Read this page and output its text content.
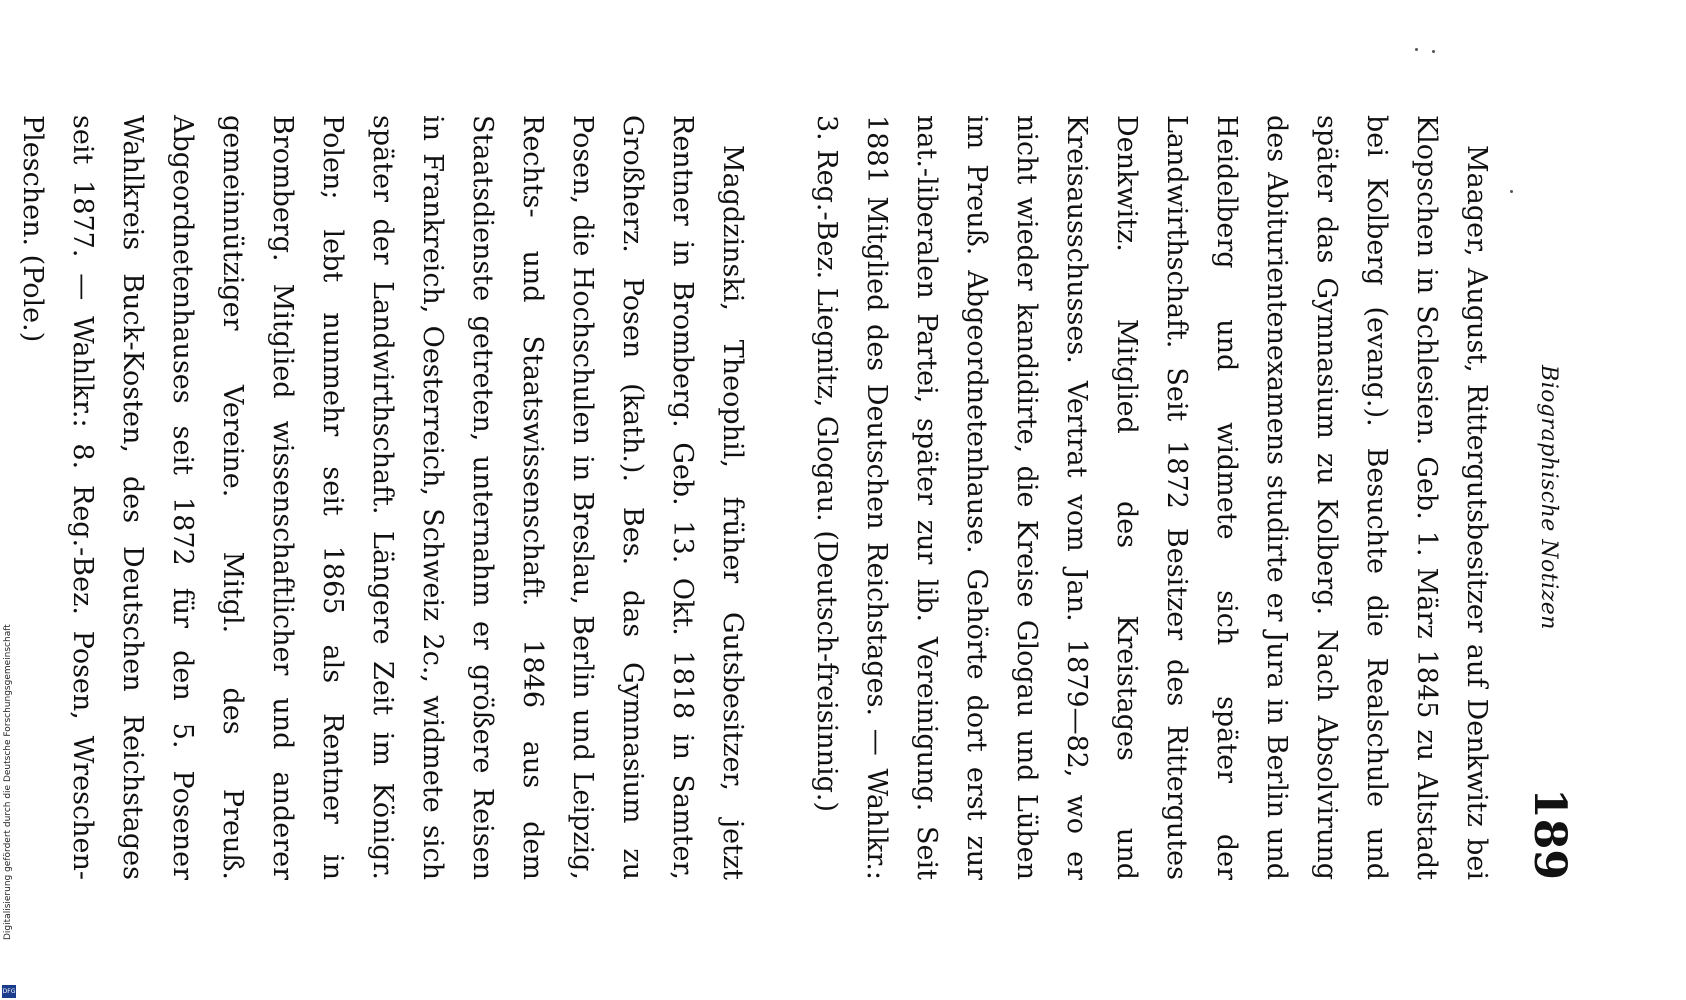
Biographische Notizen
189

Maager, August, Rittergutsbesitzer auf Denkwitz bei Klopschen in Schlesien. Geb. 1. März 1845 zu Altstadt bei Kolberg (evang.). Besuchte die Realschule und später das Gymnasium zu Kolberg. Nach Absolvirung des Abiturientenexamens studirte er Jura in Berlin und Heidelberg und widmete sich später der Landwirthschaft. Seit 1872 Besitzer des Rittergutes Denkwitz. Mitglied des Kreistages und Kreisausschusses. Vertrat vom Jan. 1879—82, wo er nicht wieder kandidirte, die Kreise Glogau und Lüben im Preuß. Abgeordnetenhause. Gehörte dort erst zur nat.-liberalen Partei, später zur lib. Vereinigung. Seit 1881 Mitglied des Deutschen Reichstages. — Wahlkr.: 3. Reg.-Bez. Liegnitz, Glogau. (Deutsch-freisinnig.)

Magdzinski, Theophil, früher Gutsbesitzer, jetzt Rentner in Bromberg. Geb. 13. Okt. 1818 in Samter, Großherz. Posen (kath.). Bes. das Gymnasium zu Posen, die Hochschulen in Breslau, Berlin und Leipzig, Rechts- und Staatswissenschaft. 1846 aus dem Staatsdienste getreten, unternahm er größere Reisen in Frankreich, Oesterreich, Schweiz 2c., widmete sich später der Landwirthschaft. Längere Zeit im Königr. Polen; lebt nunmehr seit 1865 als Rentner in Bromberg. Mitglied wissenschaftlicher und anderer gemeinnütziger Vereine. Mitgl. des Preuß. Abgeordnetenhauses seit 1872 für den 5. Posener Wahlkreis Buck-Kosten, des Deutschen Reichstages seit 1877. — Wahlkr.: 8. Reg.-Bez. Posen, Wreschen-Pleschen. (Pole.)

Digitalisierung gefördert durch die Deutsche Forschungsgemeinschaft
DFG
